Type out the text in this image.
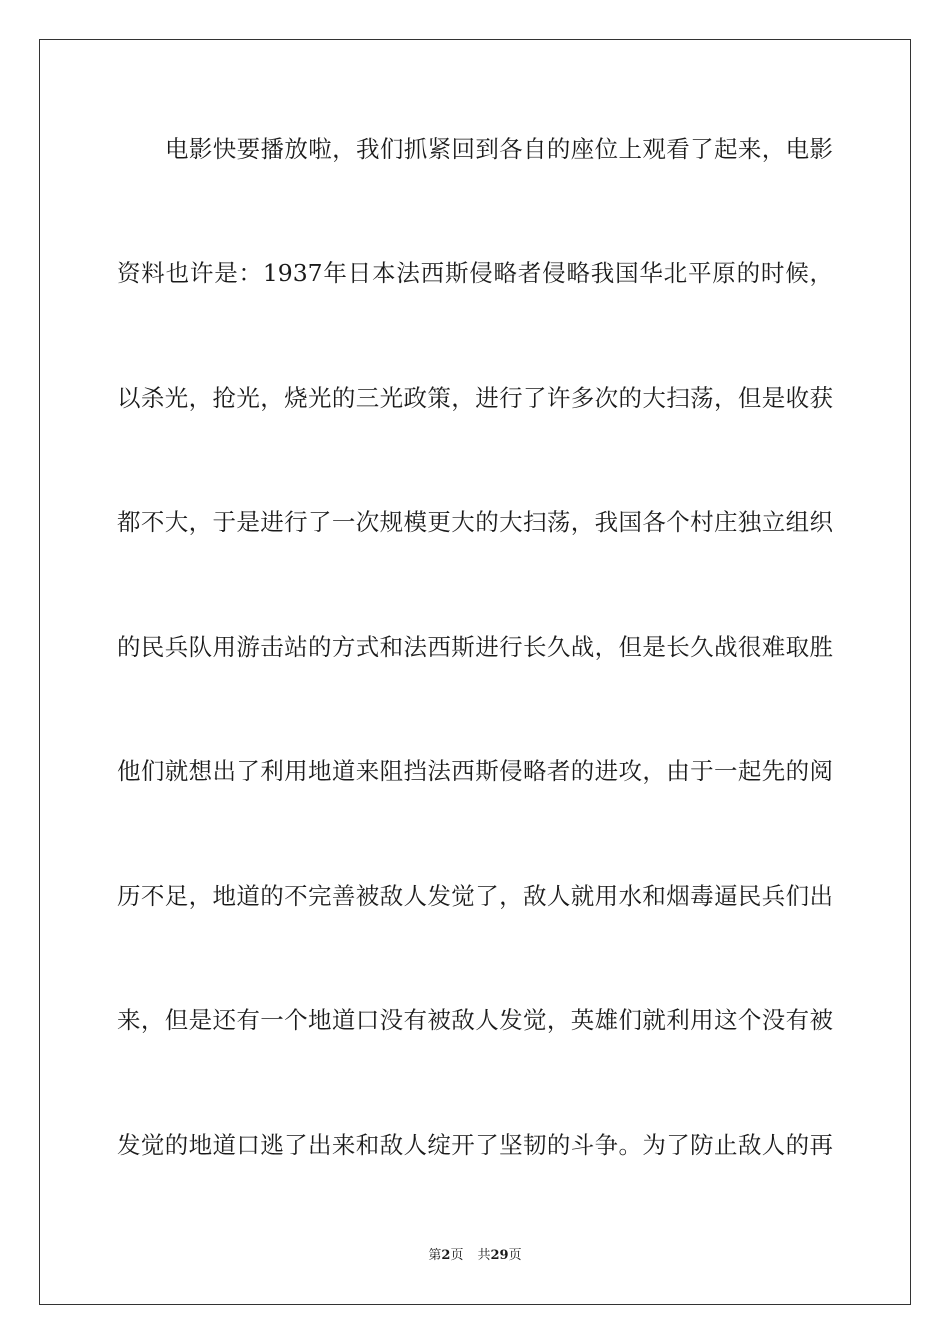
电影快要播放啦，我们抓紧回到各自的座位上观看了起来，电影
资料也许是：1937年日本法西斯侵略者侵略我国华北平原的时候，
以杀光，抢光，烧光的三光政策，进行了许多次的大扫荡，但是收获
都不大，于是进行了一次规模更大的大扫荡，我国各个村庄独立组织
的民兵队用游击站的方式和法西斯进行长久战，但是长久战很难取胜
他们就想出了利用地道来阻挡法西斯侵略者的进攻，由于一起先的阅
历不足，地道的不完善被敌人发觉了，敌人就用水和烟毒逼民兵们出
来，但是还有一个地道口没有被敌人发觉，英雄们就利用这个没有被
发觉的地道口逃了出来和敌人绽开了坚韧的斗争。为了防止敌人的再
第2页 共29页
